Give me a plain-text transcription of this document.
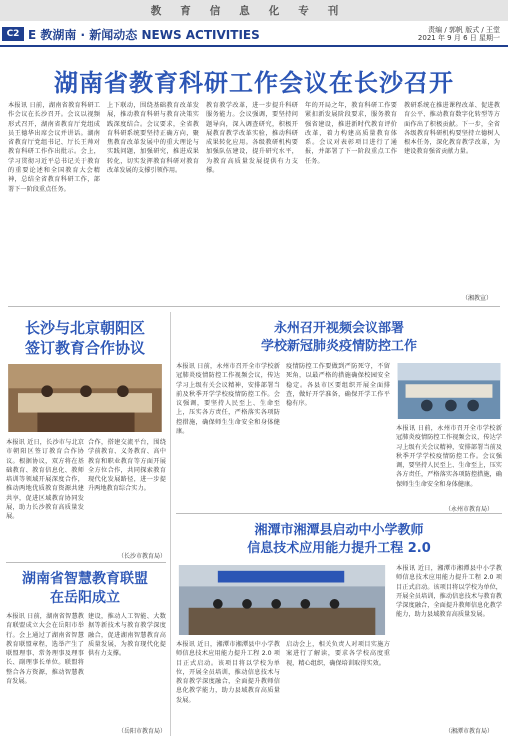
教育信息化专刊
C2 E 教湖南 · 新闻动态 NEWS ACTIVITIES	责编 / 郭帆 版式 / 王堂
2021 年 9 月 6 日 星期一
湖南省教育科研工作会议在长沙召开
本报讯 日前，湖南省教育科研工作会议在长沙召开。会议以视频形式召开，湖南省教育厅党组成员王德华出席会议并讲话。湖南省教育厅党组书记、厅长王帅对教育科研工作作出批示。会上，学习贯彻习近平总书记关于教育的重要论述和全国教育大会精神，总结全省教育科研工作，部署下一阶段重点任务。
上下联动，围绕基础教育改革发展，推动教育科研与教育决策实践深度结合。会议要求，全省教育科研系统要坚持正确方向，聚焦教育改革发展中的重大理论与实践问题，加强研究，推进成果转化，切实发挥教育科研对教育改革发展的支撑引领作用。
教育教学改革，进一步提升科研服务能力。会议强调，要坚持问题导向，深入调查研究，积极开展教育教学改革实验，推动科研成果转化应用。各级教研机构要加强队伍建设，提升研究水平，为教育高质量发展提供有力支撑。
年的开局之年，教育科研工作要紧扣新发展阶段要求，服务教育强省建设，推进新时代教育评价改革，着力构建高质量教育体系。会议对表彰项目进行了通报，并部署了下一阶段重点工作任务。
教研系统在推进课程改革、促进教育公平、推动教育数字化转型等方面作出了积极贡献。下一步，全省各级教育科研机构要坚持立德树人根本任务，深化教育教学改革，为建设教育强省贡献力量。
（湘教宣）
长沙与北京朝阳区
签订教育合作协议
本报讯 近日，长沙市与北京市朝阳区签订教育合作协议。根据协议，双方将在基础教育、教育信息化、教师培训等领域开展深度合作，推动两地优质教育资源共建共享，促进区域教育协同发展，助力长沙教育高质量发展。
合作，搭建交流平台，围绕学前教育、义务教育、高中教育和职业教育等方面开展全方位合作，共同探索教育现代化发展路径，进一步提升两地教育综合实力。
（长沙市教育局）
永州召开视频会议部署
学校新冠肺炎疫情防控工作
本报讯 日前，永州市召开全市学校新冠肺炎疫情防控工作视频会议，传达学习上级有关会议精神，安排部署当前及秋季开学学校疫情防控工作。会议强调，要坚持人民至上、生命至上，压实各方责任，严格落实各项防控措施，确保师生生命安全和身体健康。
疫情防控工作要做到严防死守，不留死角，以最严格的措施确保校园安全稳定。各县市区要组织开展全面排查，做好开学准备，确保开学工作平稳有序。
本报讯 日前，永州市召开全市学校新冠肺炎疫情防控工作视频会议，传达学习上级有关会议精神，安排部署当前及秋季开学学校疫情防控工作。会议强调，要坚持人民至上、生命至上，压实各方责任，严格落实各项防控措施，确保师生生命安全和身体健康。
（永州市教育局）
湘潭市湘潭县启动中小学教师
信息技术应用能力提升工程 2.0
本报讯 近日，湘潭市湘潭县中小学教师信息技术应用能力提升工程 2.0 项目正式启动。该项目将以学校为单位，开展全员培训，推动信息技术与教育教学深度融合，全面提升教师信息化教学能力，助力县域教育高质量发展。
启动会上，相关负责人对项目实施方案进行了解读，要求各学校高度重视，精心组织，确保培训取得实效。
本报讯 近日，湘潭市湘潭县中小学教师信息技术应用能力提升工程 2.0 项目正式启动。该项目将以学校为单位，开展全员培训，推动信息技术与教育教学深度融合，全面提升教师信息化教学能力，助力县域教育高质量发展。
（湘潭市教育局）
湖南省智慧教育联盟
在岳阳成立
本报讯 日前，湖南省智慧教育联盟成立大会在岳阳市举行。会上通过了湖南省智慧教育联盟章程，选举产生了联盟理事、常务理事及理事长、副理事长单位。联盟将整合各方资源，推动智慧教育发展。
建设，推动人工智能、大数据等新技术与教育教学深度融合，促进湖南智慧教育高质量发展，为教育现代化提供有力支撑。
（岳阳市教育局）
